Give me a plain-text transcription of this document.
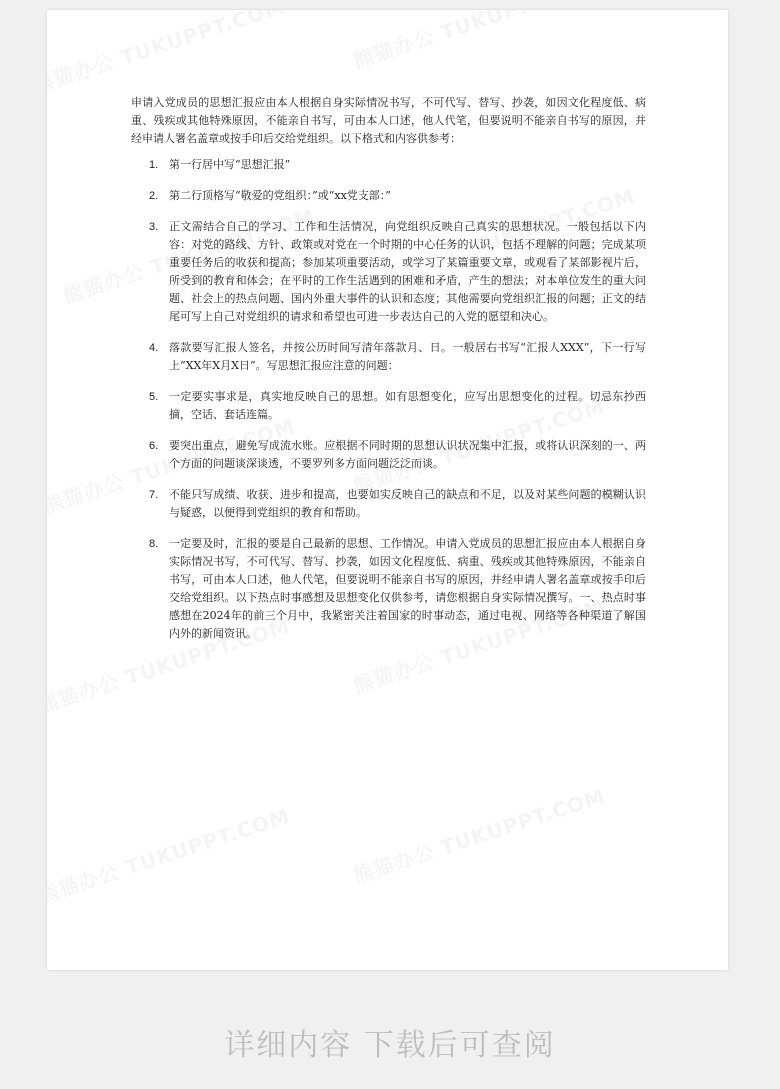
申请入党成员的思想汇报应由本人根据自身实际情况书写，不可代写、替写、抄袭，如因文化程度低、病重、残疾或其他特殊原因，不能亲自书写，可由本人口述，他人代笔，但要说明不能亲自书写的原因，并经申请人署名盖章或按手印后交给党组织。以下格式和内容供参考：

1. 第一行居中写“思想汇报”
2. 第二行顶格写“敬爱的党组织：”或“xx党支部：”
3. 正文需结合自己的学习、工作和生活情况，向党组织反映自己真实的思想状况。一般包括以下内容：对党的路线、方针、政策或对党在一个时期的中心任务的认识，包括不理解的问题；完成某项重要任务后的收获和提高；参加某项重要活动，或学习了某篇重要文章，或观看了某部影视片后，所受到的教育和体会；在平时的工作生活遇到的困难和矛盾，产生的想法；对本单位发生的重大问题、社会上的热点问题、国内外重大事件的认识和态度；其他需要向党组织汇报的问题；正文的结尾可写上自己对党组织的请求和希望也可进一步表达自己的入党的愿望和决心。
4. 落款要写汇报人签名，并按公历时间写清年落款月、日。一般居右书写“汇报人XXX”，下一行写上“XX年X月X日”。写思想汇报应注意的问题：
5. 一定要实事求是，真实地反映自己的思想。如有思想变化，应写出思想变化的过程。切忌东抄西摘，空话、套话连篇。
6. 要突出重点，避免写成流水账。应根据不同时期的思想认识状况集中汇报，或将认识深刻的一、两个方面的问题谈深谈透，不要罗列多方面问题泛泛而谈。
7. 不能只写成绩、收获、进步和提高，也要如实反映自己的缺点和不足，以及对某些问题的模糊认识与疑惑，以便得到党组织的教育和帮助。
8. 一定要及时，汇报的要是自己最新的思想、工作情况。申请入党成员的思想汇报应由本人根据自身实际情况书写，不可代写、替写、抄袭，如因文化程度低、病重、残疾或其他特殊原因，不能亲自书写，可由本人口述，他人代笔，但要说明不能亲自书写的原因，并经申请人署名盖章或按手印后交给党组织。以下热点时事感想及思想变化仅供参考，请您根据自身实际情况撰写。一、热点时事感想在2024年的前三个月中，我紧密关注着国家的时事动态，通过电视、网络等各种渠道了解国内外的新闻资讯。
详细内容 下载后可查阅
